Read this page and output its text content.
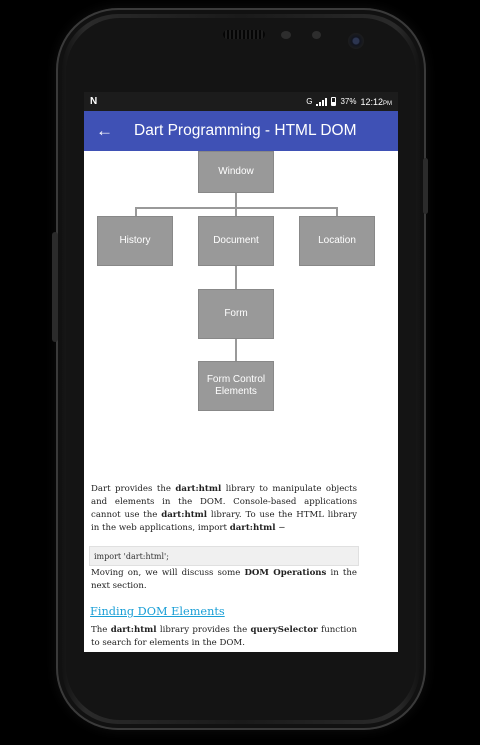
N	G	37% 12:12PM
←	Dart Programming - HTML DOM
Window
History	Document	Location
Form
Form Control
Elements

Dart provides the dart:html library to manipulate objects and elements in the DOM. Console-based applications cannot use the dart:html library. To use the HTML library in the web applications, import dart:html −

import 'dart:html';

Moving on, we will discuss some DOM Operations in the next section.

Finding DOM Elements

The dart:html library provides the querySelector function to search for elements in the DOM.
